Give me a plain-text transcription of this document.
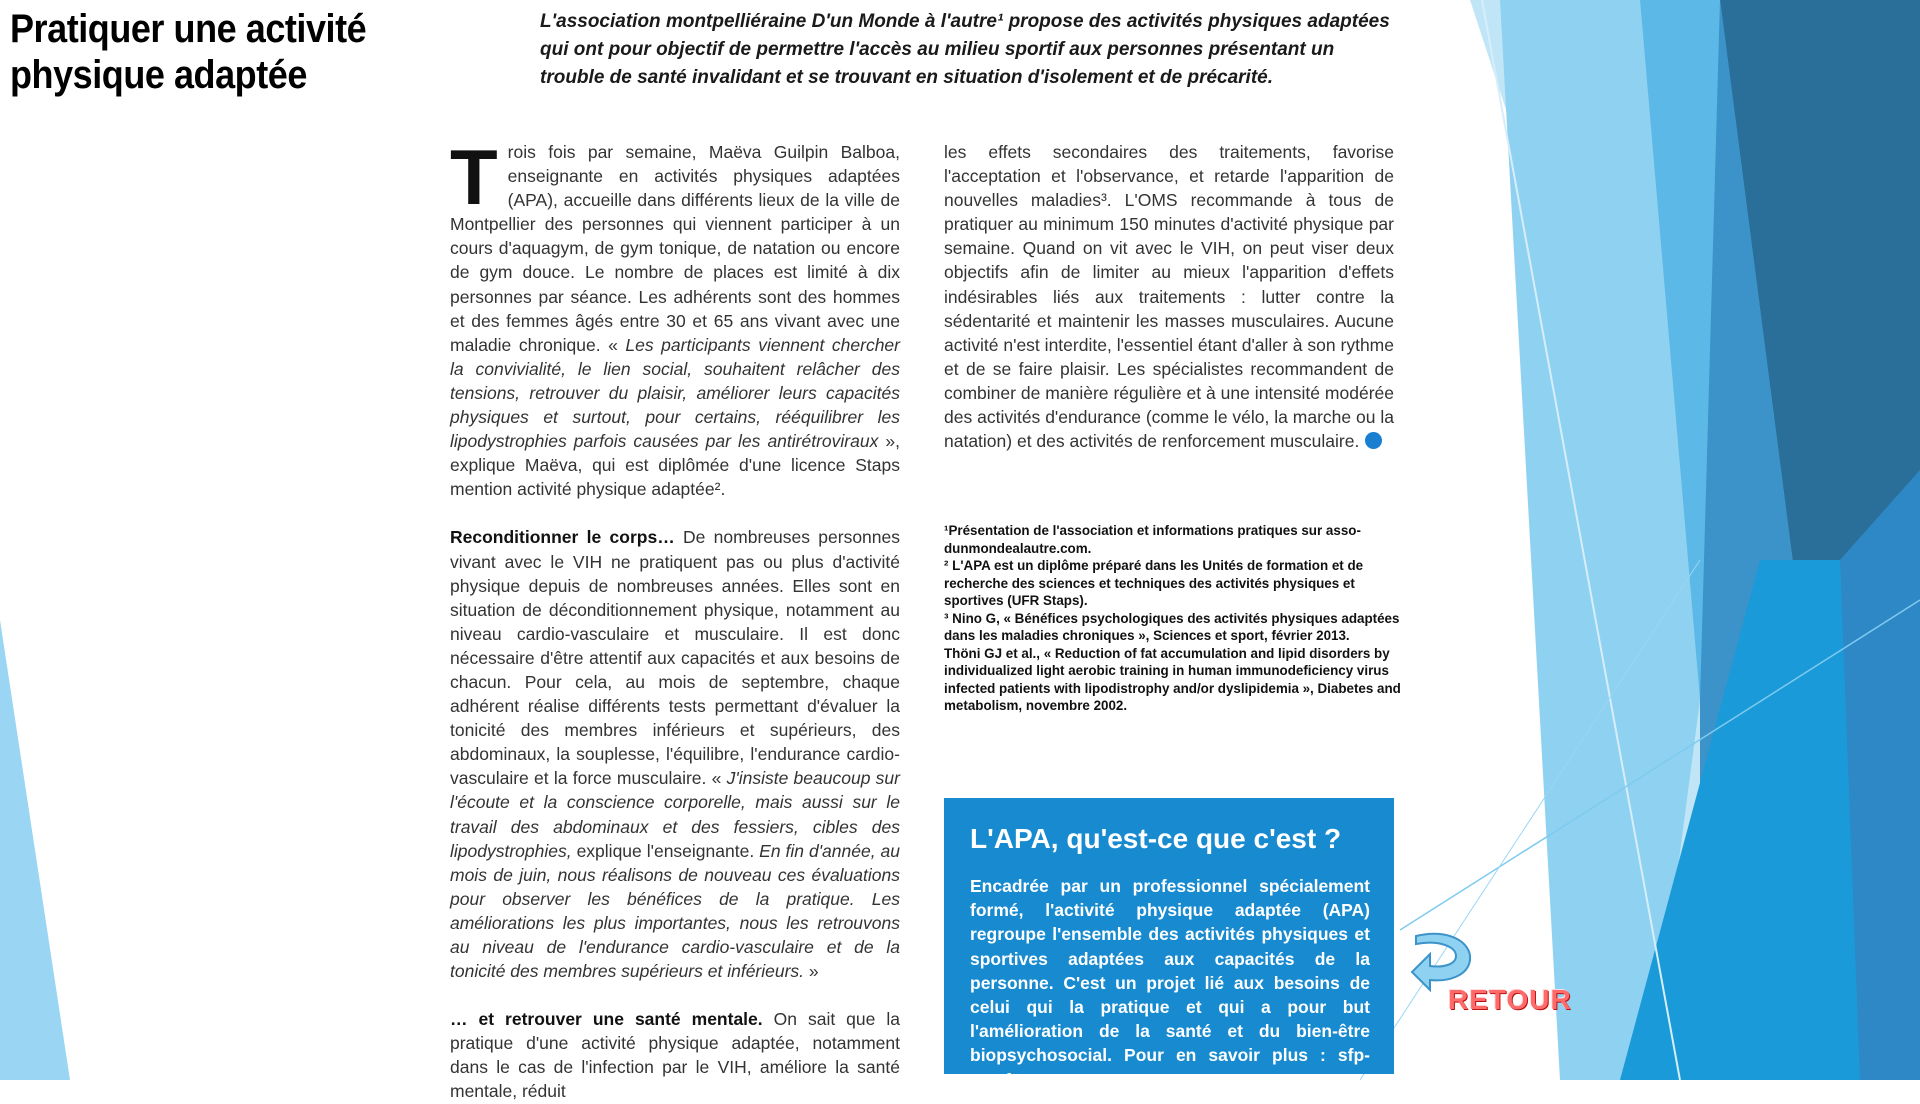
Pratiquer une activité physique adaptée
L'association montpelliéraine D'un Monde à l'autre¹ propose des activités physiques adaptées qui ont pour objectif de permettre l'accès au milieu sportif aux personnes présentant un trouble de santé invalidant et se trouvant en situation d'isolement et de précarité.

Trois fois par semaine, Maëva Guilpin Balboa, enseignante en activités physiques adaptées (APA), accueille dans différents lieux de la ville de Montpellier des personnes qui viennent participer à un cours d'aquagym, de gym tonique, de natation ou encore de gym douce. Le nombre de places est limité à dix personnes par séance. Les adhérents sont des hommes et des femmes âgés entre 30 et 65 ans vivant avec une maladie chronique. « Les participants viennent chercher la convivialité, le lien social, souhaitent relâcher des tensions, retrouver du plaisir, améliorer leurs capacités physiques et surtout, pour certains, rééquilibrer les lipodystrophies parfois causées par les antirétroviraux », explique Maëva, qui est diplômée d'une licence Staps mention activité physique adaptée².

Reconditionner le corps… De nombreuses personnes vivant avec le VIH ne pratiquent pas ou plus d'activité physique depuis de nombreuses années. Elles sont en situation de déconditionnement physique, notamment au niveau cardio-vasculaire et musculaire. Il est donc nécessaire d'être attentif aux capacités et aux besoins de chacun. Pour cela, au mois de septembre, chaque adhérent réalise différents tests permettant d'évaluer la tonicité des membres inférieurs et supérieurs, des abdominaux, la souplesse, l'équilibre, l'endurance cardio-vasculaire et la force musculaire. « J'insiste beaucoup sur l'écoute et la conscience corporelle, mais aussi sur le travail des abdominaux et des fessiers, cibles des lipodystrophies, explique l'enseignante. En fin d'année, au mois de juin, nous réalisons de nouveau ces évaluations pour observer les bénéfices de la pratique. Les améliorations les plus importantes, nous les retrouvons au niveau de l'endurance cardio-vasculaire et de la tonicité des membres supérieurs et inférieurs. »

… et retrouver une santé mentale. On sait que la pratique d'une activité physique adaptée, notamment dans le cas de l'infection par le VIH, améliore la santé mentale, réduit

les effets secondaires des traitements, favorise l'acceptation et l'observance, et retarde l'apparition de nouvelles maladies³. L'OMS recommande à tous de pratiquer au minimum 150 minutes d'activité physique par semaine. Quand on vit avec le VIH, on peut viser deux objectifs afin de limiter au mieux l'apparition d'effets indésirables liés aux traitements : lutter contre la sédentarité et maintenir les masses musculaires. Aucune activité n'est interdite, l'essentiel étant d'aller à son rythme et de se faire plaisir. Les spécialistes recommandent de combiner de manière régulière et à une intensité modérée des activités d'endurance (comme le vélo, la marche ou la natation) et des activités de renforcement musculaire.

¹Présentation de l'association et informations pratiques sur asso-dunmondealautre.com.

² L'APA est un diplôme préparé dans les Unités de formation et de recherche des sciences et techniques des activités physiques et sportives (UFR Staps).

³ Nino G, « Bénéfices psychologiques des activités physiques adaptées dans les maladies chroniques », Sciences et sport, février 2013.

Thöni GJ et al., « Reduction of fat accumulation and lipid disorders by individualized light aerobic training in human immunodeficiency virus infected patients with lipodistrophy and/or dyslipidemia », Diabetes and metabolism, novembre 2002.

L'APA, qu'est-ce que c'est ?
Encadrée par un professionnel spécialement formé, l'activité physique adaptée (APA) regroupe l'ensemble des activités physiques et sportives adaptées aux capacités de la personne. C'est un projet lié aux besoins de celui qui la pratique et qui a pour but l'amélioration de la santé et du bien-être biopsychosocial. Pour en savoir plus : sfp-apa.fr
RETOUR
